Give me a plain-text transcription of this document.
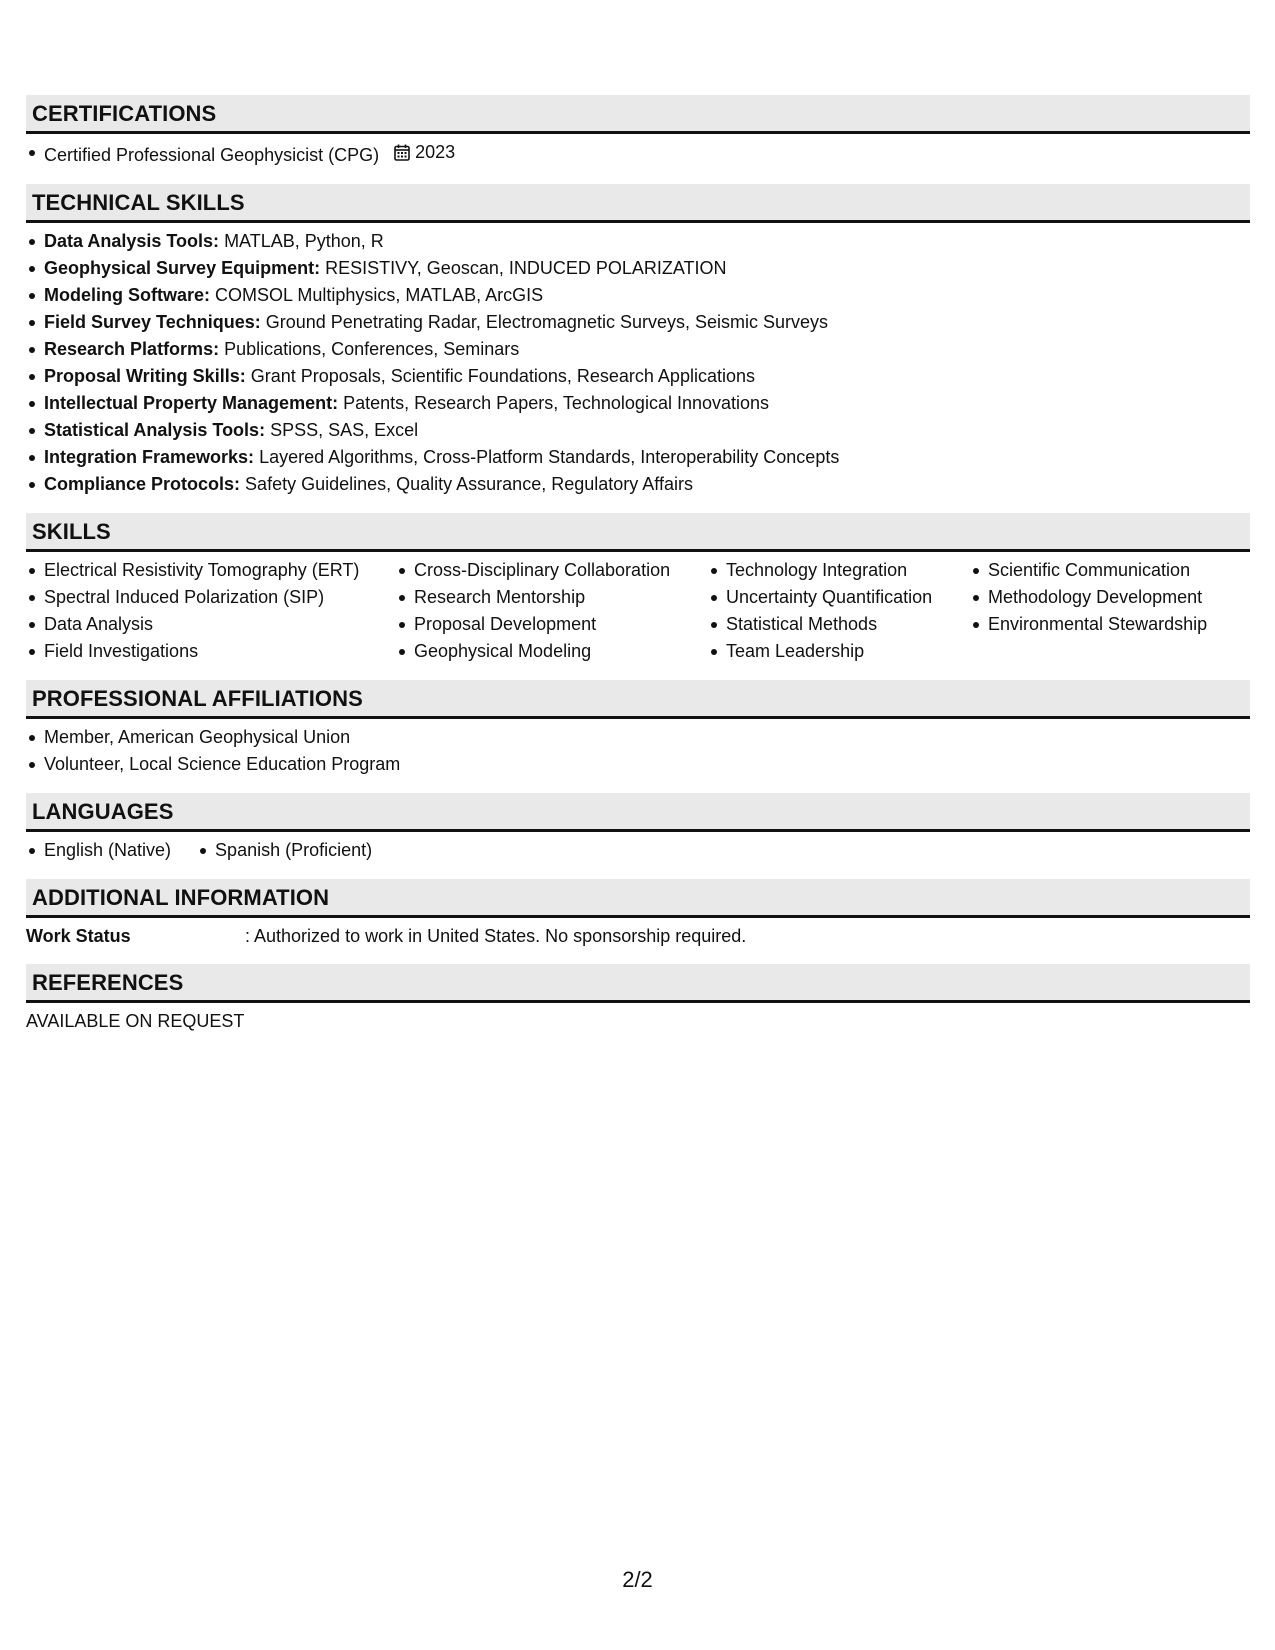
CERTIFICATIONS
Certified Professional Geophysicist (CPG) 2023
TECHNICAL SKILLS
Data Analysis Tools: MATLAB, Python, R
Geophysical Survey Equipment: RESISTIVY, Geoscan, INDUCED POLARIZATION
Modeling Software: COMSOL Multiphysics, MATLAB, ArcGIS
Field Survey Techniques: Ground Penetrating Radar, Electromagnetic Surveys, Seismic Surveys
Research Platforms: Publications, Conferences, Seminars
Proposal Writing Skills: Grant Proposals, Scientific Foundations, Research Applications
Intellectual Property Management: Patents, Research Papers, Technological Innovations
Statistical Analysis Tools: SPSS, SAS, Excel
Integration Frameworks: Layered Algorithms, Cross-Platform Standards, Interoperability Concepts
Compliance Protocols: Safety Guidelines, Quality Assurance, Regulatory Affairs
SKILLS
Electrical Resistivity Tomography (ERT)
Spectral Induced Polarization (SIP)
Data Analysis
Field Investigations
Cross-Disciplinary Collaboration
Research Mentorship
Proposal Development
Geophysical Modeling
Technology Integration
Uncertainty Quantification
Statistical Methods
Team Leadership
Scientific Communication
Methodology Development
Environmental Stewardship
PROFESSIONAL AFFILIATIONS
Member, American Geophysical Union
Volunteer, Local Science Education Program
LANGUAGES
English (Native)	Spanish (Proficient)
ADDITIONAL INFORMATION
Work Status	: Authorized to work in United States. No sponsorship required.
REFERENCES
AVAILABLE ON REQUEST
2/2
